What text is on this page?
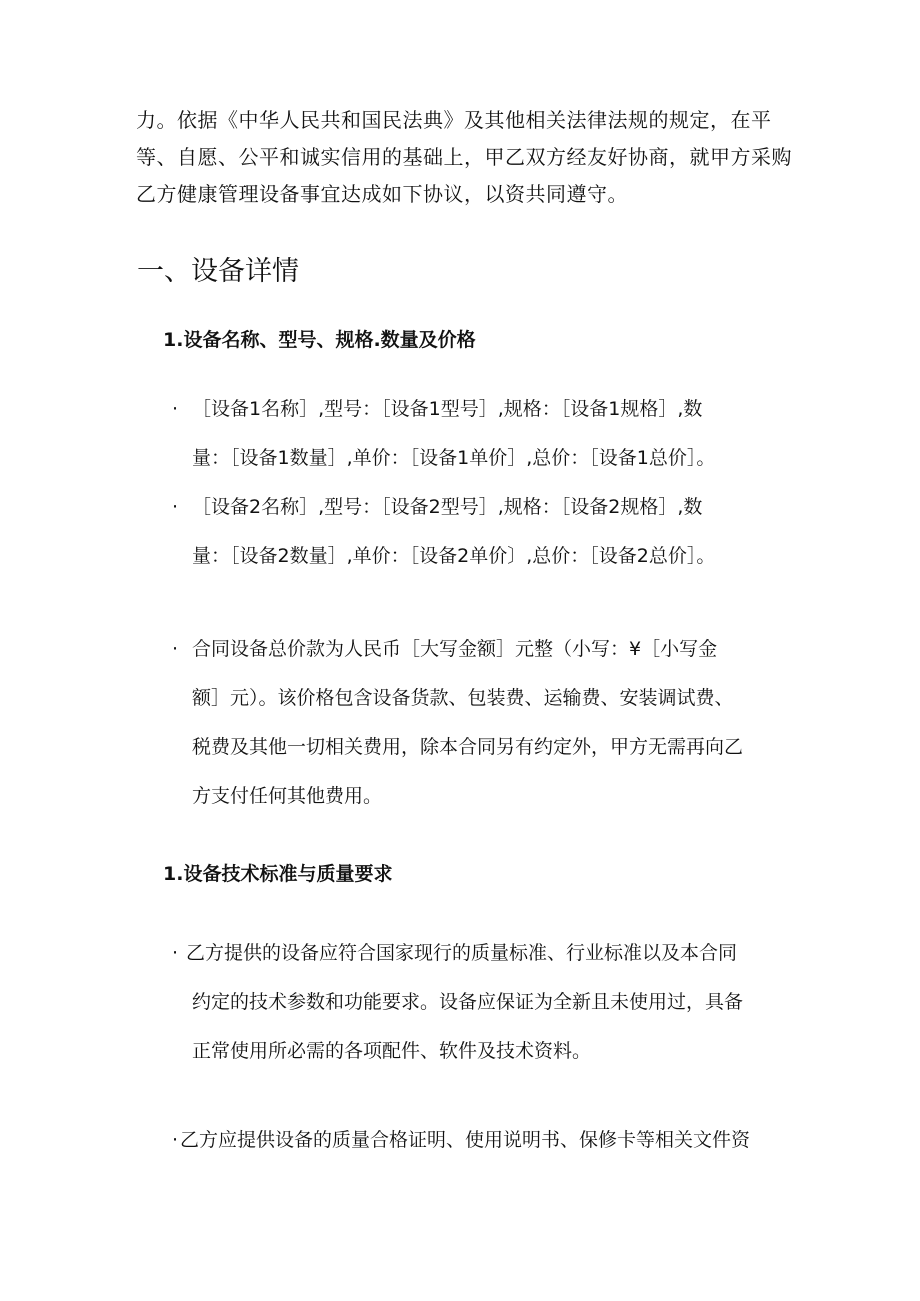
力。依据《中华人民共和国民法典》及其他相关法律法规的规定，在平
等、自愿、公平和诚实信用的基础上，甲乙双方经友好协商，就甲方采购
乙方健康管理设备事宜达成如下协议，以资共同遵守。
一、设备详情
1.设备名称、型号、规格.数量及价格
· ［设备1名称］,型号：［设备1型号］,规格：［设备1规格］,数
量：［设备1数量］,单价：［设备1单价］,总价：［设备1总价］。
· ［设备2名称］,型号：［设备2型号］,规格：［设备2规格］,数
量：［设备2数量］,单价：［设备2单价〕,总价：［设备2总价］。
· 合同设备总价款为人民币［大写金额］元整（小写：¥［小写金
额］元）。该价格包含设备货款、包装费、运输费、安装调试费、
税费及其他一切相关费用，除本合同另有约定外，甲方无需再向乙
方支付任何其他费用。
1.设备技术标准与质量要求
· 乙方提供的设备应符合国家现行的质量标准、行业标准以及本合同
约定的技术参数和功能要求。设备应保证为全新且未使用过，具备
正常使用所必需的各项配件、软件及技术资料。
· 乙方应提供设备的质量合格证明、使用说明书、保修卡等相关文件资
